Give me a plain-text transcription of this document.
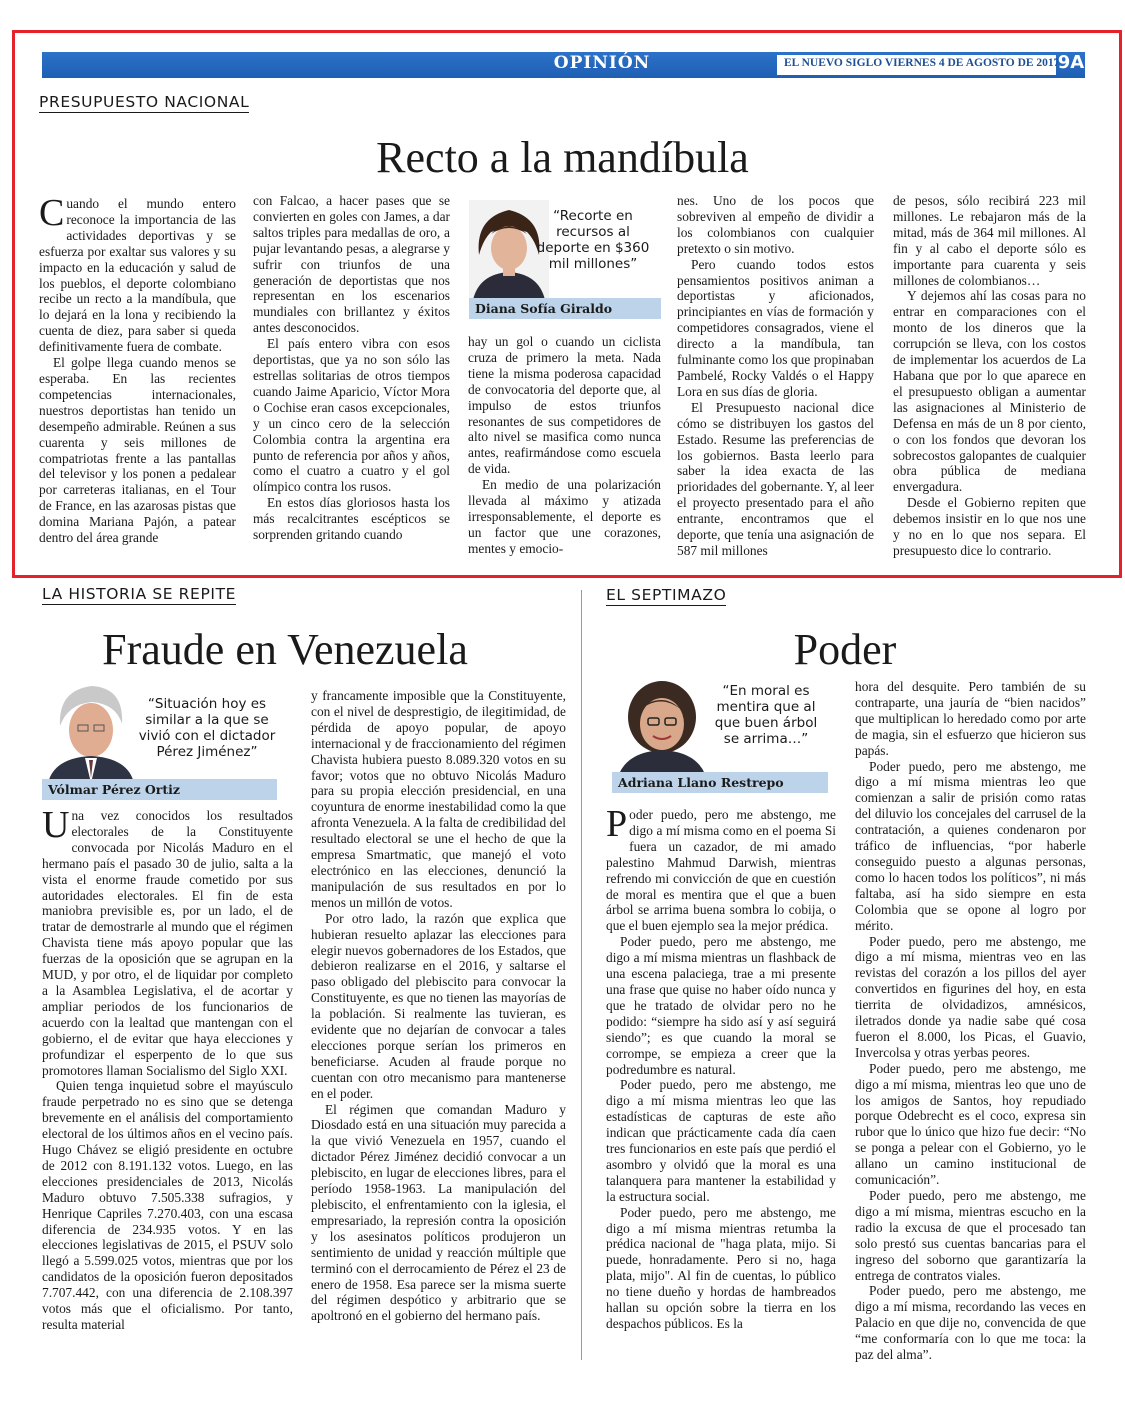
OPINIÓN	EL NUEVO SIGLO VIERNES 4 DE AGOSTO DE 2017
9A
PRESUPUESTO NACIONAL
Recto a la mandíbula

Cuando el mundo entero reconoce la importancia de las actividades deportivas y se esfuerza por exaltar sus valores y su impacto en la educación y salud de los pueblos, el deporte colombiano recibe un recto a la mandíbula, que lo dejará en la lona y recibiendo la cuenta de diez, para saber si queda definitivamente fuera de combate.

El golpe llega cuando menos se esperaba. En las recientes competencias internacionales, nuestros deportistas han tenido un desempeño admirable. Reúnen a sus cuarenta y seis millones de compatriotas frente a las pantallas del televisor y los ponen a pedalear por carreteras italianas, en el Tour de France, en las azarosas pistas que domina Mariana Pajón, a patear dentro del área grande

con Falcao, a hacer pases que se convierten en goles con James, a dar saltos triples para medallas de oro, a pujar levantando pesas, a alegrarse y sufrir con triunfos de una generación de deportistas que nos representan en los escenarios mundiales con brillantez y éxitos antes desconocidos.

El país entero vibra con esos deportistas, que ya no son sólo las estrellas solitarias de otros tiempos cuando Jaime Aparicio, Víctor Mora o Cochise eran casos excepcionales, y un cinco cero de la selección Colombia contra la argentina era punto de referencia por años y años, como el cuatro a cuatro y el gol olímpico contra los rusos.

En estos días gloriosos hasta los más recalcitrantes escépticos se sorprenden gritando cuando

“Recorte en recursos al deporte en $360 mil millones”
Diana Sofía Giraldo

hay un gol o cuando un ciclista cruza de primero la meta. Nada tiene la misma poderosa capacidad de convocatoria del deporte que, al impulso de estos triunfos resonantes de sus competidores de alto nivel se masifica como nunca antes, reafirmándose como escuela de vida.

En medio de una polarización llevada al máximo y atizada irresponsablemente, el deporte es un factor que une corazones, mentes y emocio-

nes. Uno de los pocos que sobreviven al empeño de dividir a los colombianos con cualquier pretexto o sin motivo.

Pero cuando todos estos pensamientos positivos animan a deportistas y aficionados, principiantes en vías de formación y competidores consagrados, viene el directo a la mandíbula, tan fulminante como los que propinaban Pambelé, Rocky Valdés o el Happy Lora en sus días de gloria.

El Presupuesto nacional dice cómo se distribuyen los gastos del Estado. Resume las preferencias de los gobiernos. Basta leerlo para saber la idea exacta de las prioridades del gobernante. Y, al leer el proyecto presentado para el año entrante, encontramos que el deporte, que tenía una asignación de 587 mil millones

de pesos, sólo recibirá 223 mil millones. Le rebajaron más de la mitad, más de 364 mil millones. Al fin y al cabo el deporte sólo es importante para cuarenta y seis millones de colombianos…

Y dejemos ahí las cosas para no entrar en comparaciones con el monto de los dineros que la corrupción se lleva, con los costos de implementar los acuerdos de La Habana que por lo que aparece en el presupuesto obligan a aumentar las asignaciones al Ministerio de Defensa en más de un 8 por ciento, o con los fondos que devoran los sobrecostos galopantes de cualquier obra pública de mediana envergadura.

Desde el Gobierno repiten que debemos insistir en lo que nos une y no en lo que nos separa. El presupuesto dice lo contrario.

LA HISTORIA SE REPITE
Fraude en Venezuela
“Situación hoy es similar a la que se vivió con el dictador Pérez Jiménez”
Vólmar Pérez Ortiz

Una vez conocidos los resultados electorales de la Constituyente convocada por Nicolás Maduro en el hermano país el pasado 30 de julio, salta a la vista el enorme fraude cometido por sus autoridades electorales. El fin de esta maniobra previsible es, por un lado, el de tratar de demostrarle al mundo que el régimen Chavista tiene más apoyo popular que las fuerzas de la oposición que se agrupan en la MUD, y por otro, el de liquidar por completo a la Asamblea Legislativa, el de acortar y ampliar periodos de los funcionarios de acuerdo con la lealtad que mantengan con el gobierno, el de evitar que haya elecciones y profundizar el esperpento de lo que sus promotores llaman Socialismo del Siglo XXI.

Quien tenga inquietud sobre el mayúsculo fraude perpetrado no es sino que se detenga brevemente en el análisis del comportamiento electoral de los últimos años en el vecino país. Hugo Chávez se eligió presidente en octubre de 2012 con 8.191.132 votos. Luego, en las elecciones presidenciales de 2013, Nicolás Maduro obtuvo 7.505.338 sufragios, y Henrique Capriles 7.270.403, con una escasa diferencia de 234.935 votos. Y en las elecciones legislativas de 2015, el PSUV solo llegó a 5.599.025 votos, mientras que por los candidatos de la oposición fueron depositados 7.707.442, con una diferencia de 2.108.397 votos más que el oficialismo. Por tanto, resulta material

y francamente imposible que la Constituyente, con el nivel de desprestigio, de ilegitimidad, de pérdida de apoyo popular, de apoyo internacional y de fraccionamiento del régimen Chavista hubiera puesto 8.089.320 votos en su favor; votos que no obtuvo Nicolás Maduro para su propia elección presidencial, en una coyuntura de enorme inestabilidad como la que afronta Venezuela. A la falta de credibilidad del resultado electoral se une el hecho de que la empresa Smartmatic, que manejó el voto electrónico en las elecciones, denunció la manipulación de sus resultados en por lo menos un millón de votos.

Por otro lado, la razón que explica que hubieran resuelto aplazar las elecciones para elegir nuevos gobernadores de los Estados, que debieron realizarse en el 2016, y saltarse el paso obligado del plebiscito para convocar la Constituyente, es que no tienen las mayorías de la población. Si realmente las tuvieran, es evidente que no dejarían de convocar a tales elecciones porque serían los primeros en beneficiarse. Acuden al fraude porque no cuentan con otro mecanismo para mantenerse en el poder.

El régimen que comandan Maduro y Diosdado está en una situación muy parecida a la que vivió Venezuela en 1957, cuando el dictador Pérez Jiménez decidió convocar a un plebiscito, en lugar de elecciones libres, para el período 1958-1963. La manipulación del plebiscito, el enfrentamiento con la iglesia, el empresariado, la represión contra la oposición y los asesinatos políticos produjeron un sentimiento de unidad y reacción múltiple que terminó con el derrocamiento de Pérez el 23 de enero de 1958. Esa parece ser la misma suerte del régimen despótico y arbitrario que se apoltronó en el gobierno del hermano país.

EL SEPTIMAZO
Poder
“En moral es mentira que al que buen árbol se arrima…”
Adriana Llano Restrepo

Poder puedo, pero me abstengo, me digo a mí misma como en el poema Si fuera un cazador, de mi amado palestino Mahmud Darwish, mientras refrendo mi convicción de que en cuestión de moral es mentira que el que a buen árbol se arrima buena sombra lo cobija, o que el buen ejemplo sea la mejor prédica.

Poder puedo, pero me abstengo, me digo a mí misma mientras un flashback de una escena palaciega, trae a mi presente una frase que quise no haber oído nunca y que he tratado de olvidar pero no he podido: “siempre ha sido así y así seguirá siendo”; es que cuando la moral se corrompe, se empieza a creer que la podredumbre es natural.

Poder puedo, pero me abstengo, me digo a mí misma mientras leo que las estadísticas de capturas de este año indican que prácticamente cada día caen tres funcionarios en este país que perdió el asombro y olvidó que la moral es una talanquera para mantener la estabilidad y la estructura social.

Poder puedo, pero me abstengo, me digo a mí misma mientras retumba la prédica nacional de "haga plata, mijo. Si puede, honradamente. Pero si no, haga plata, mijo". Al fin de cuentas, lo público no tiene dueño y hordas de hambreados hallan su opción sobre la tierra en los despachos públicos. Es la

hora del desquite. Pero también de su contraparte, una jauría de “bien nacidos” que multiplican lo heredado como por arte de magia, sin el esfuerzo que hicieron sus papás.

Poder puedo, pero me abstengo, me digo a mí misma mientras leo que comienzan a salir de prisión como ratas del diluvio los concejales del carrusel de la contratación, a quienes condenaron por tráfico de influencias, “por haberle conseguido puesto a algunas personas, como lo hacen todos los políticos”, ni más faltaba, así ha sido siempre en esta Colombia que se opone al logro por mérito.

Poder puedo, pero me abstengo, me digo a mí misma, mientras veo en las revistas del corazón a los pillos del ayer convertidos en figurines del hoy, en esta tierrita de olvidadizos, amnésicos, iletrados donde ya nadie sabe qué cosa fueron el 8.000, los Picas, el Guavio, Invercolsa y otras yerbas peores.

Poder puedo, pero me abstengo, me digo a mí misma, mientras leo que uno de los amigos de Santos, hoy repudiado porque Odebrecht es el coco, expresa sin rubor que lo único que hizo fue decir: “No se ponga a pelear con el Gobierno, yo le allano un camino institucional de comunicación”.

Poder puedo, pero me abstengo, me digo a mí misma, mientras escucho en la radio la excusa de que el procesado tan solo prestó sus cuentas bancarias para el ingreso del soborno que garantizaría la entrega de contratos viales.

Poder puedo, pero me abstengo, me digo a mí misma, recordando las veces en Palacio en que dije no, convencida de que “me conformaría con lo que me toca: la paz del alma”.
